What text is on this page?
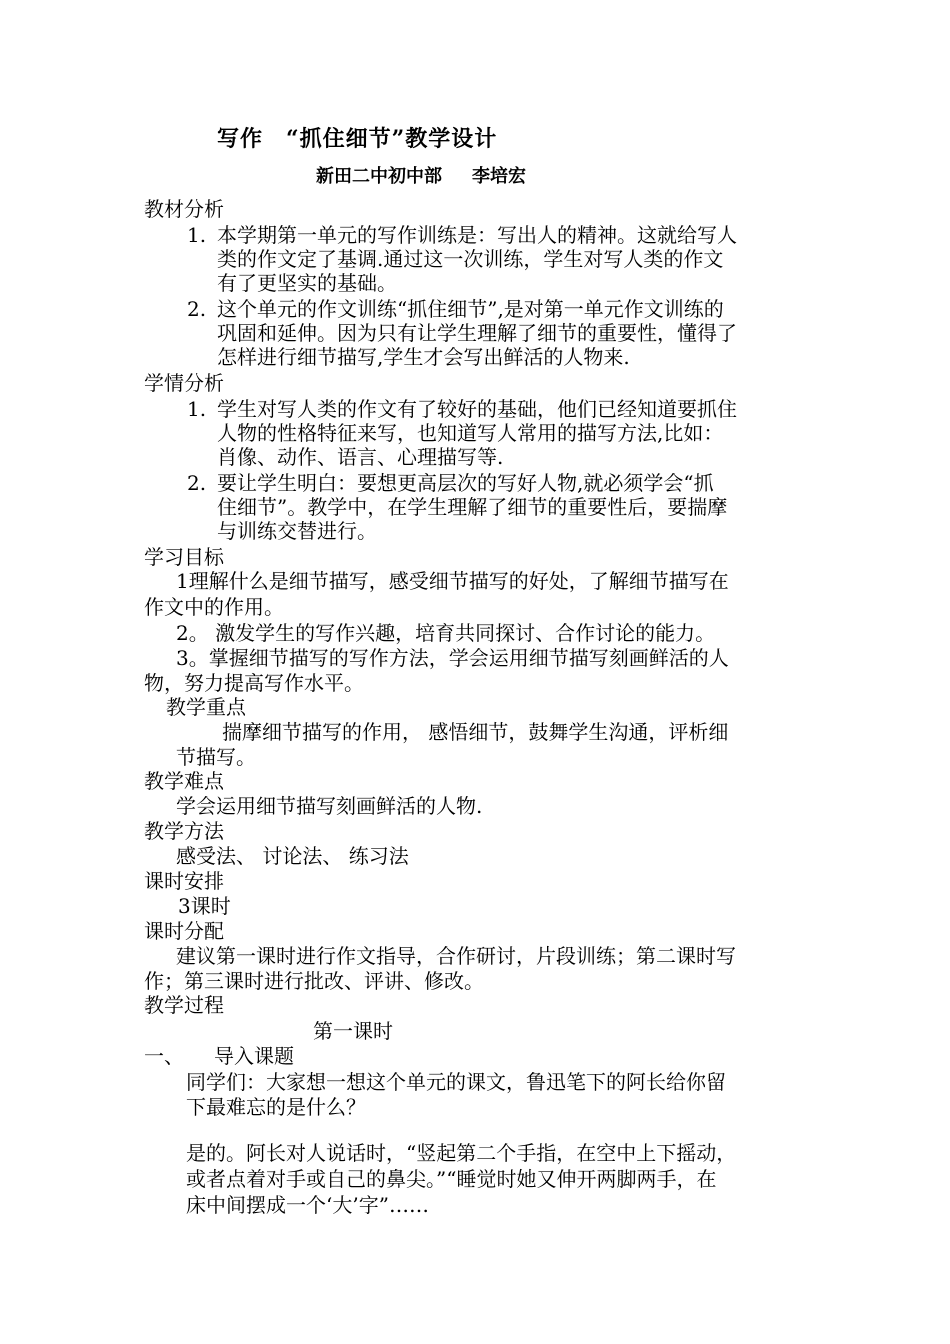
写作　“抓住细节”教学设计
新田二中初中部 李培宏
教材分析
1. 本学期第一单元的写作训练是：写出人的精神。这就给写人
类的作文定了基调.通过这一次训练，学生对写人类的作文
有了更坚实的基础。
2. 这个单元的作文训练“抓住细节”,是对第一单元作文训练的
巩固和延伸。因为只有让学生理解了细节的重要性，懂得了
怎样进行细节描写,学生才会写出鲜活的人物来.
学情分析
1. 学生对写人类的作文有了较好的基础，他们已经知道要抓住
人物的性格特征来写，也知道写人常用的描写方法,比如：
肖像、动作、语言、心理描写等.
2. 要让学生明白：要想更高层次的写好人物,就必须学会“抓
住细节”。教学中，在学生理解了细节的重要性后，要揣摩
与训练交替进行。
学习目标
1理解什么是细节描写，感受细节描写的好处，了解细节描写在
作文中的作用。
2。 激发学生的写作兴趣，培育共同探讨、合作讨论的能力。
3。掌握细节描写的写作方法，学会运用细节描写刻画鲜活的人
物，努力提高写作水平。
教学重点
揣摩细节描写的作用， 感悟细节，鼓舞学生沟通，评析细
节描写。
教学难点
学会运用细节描写刻画鲜活的人物.
教学方法
感受法、 讨论法、 练习法
课时安排
3课时
课时分配
建议第一课时进行作文指导，合作研讨，片段训练；第二课时写
作；第三课时进行批改、评讲、修改。
教学过程
第一课时
一、 导入课题
同学们：大家想一想这个单元的课文，鲁迅笔下的阿长给你留
下最难忘的是什么？
是的。阿长对人说话时，“竖起第二个手指，在空中上下摇动，
或者点着对手或自己的鼻尖。”“睡觉时她又伸开两脚两手，在
床中间摆成一个‘大’字”……
